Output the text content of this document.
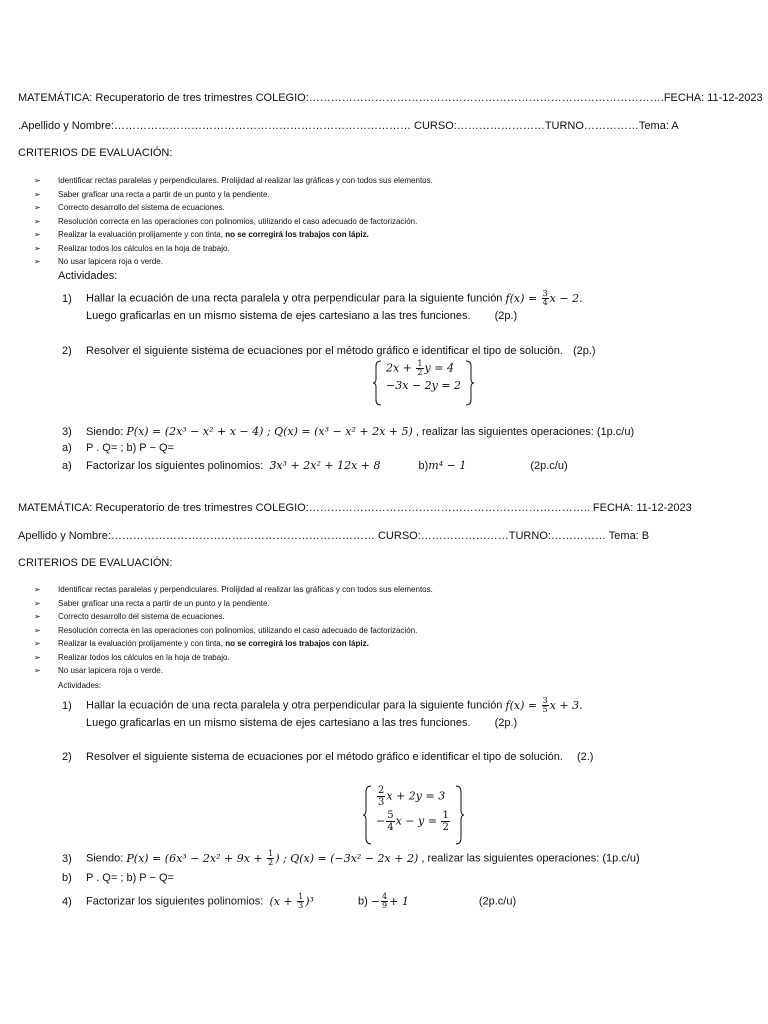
MATEMÁTICA: Recuperatorio de tres trimestres COLEGIO:…………………………………………………………………………………….FECHA: 11-12-2023
.Apellido y Nombre:……………………………………………………………………… CURSO:……………………TURNO……………Tema: A
CRITERIOS DE EVALUACIÓN:
➢ Identificar rectas paralelas y perpendiculares. Prolijidad al realizar las gráficas y con todos sus elementos.
➢ Saber graficar una recta a partir de un punto y la pendiente.
➢ Correcto desarrollo del sistema de ecuaciones.
➢ Resolución correcta en las operaciones con polinomios, utilizando el caso adecuado de factorización.
➢ Realizar la evaluación prolijamente y con tinta, no se corregirá los trabajos con lápiz.
➢ Realizar todos los cálculos en la hoja de trabajo.
➢ No usar lapicera roja o verde.
Actividades:
1) Hallar la ecuación de una recta paralela y otra perpendicular para la siguiente función $f(x) = \frac{3}{4}$ x − 2.
Luego graficarlas en un mismo sistema de ejes cartesiano a las tres funciones. (2p.)
2) Resolver el siguiente sistema de ecuaciones por el método gráfico e identificar el tipo de solución. (2p.)
$2x + \frac{1}{2}$ y = 4
−3x − 2y = 2
3) Siendo: P(x) = (2x³ − x² + x − 4) ; Q(x) = (x³ − x² + 2x + 5) , realizar las siguientes operaciones: (1p.c/u)
a) P . Q= ; b) P − Q=
a) Factorizar los siguientes polinomios: 3x³ + 2x² + 12x + 8	b)m⁴ − 1	(2p.c/u)
MATEMÁTICA: Recuperatorio de tres trimestres COLEGIO:………………………………………………………………….. FECHA: 11-12-2023
Apellido y Nombre:……………………………………………………………… CURSO:……………………TURNO:…………… Tema: B
CRITERIOS DE EVALUACIÓN:
➢ Identificar rectas paralelas y perpendiculares. Prolijidad al realizar las gráficas y con todos sus elementos.
➢ Saber graficar una recta a partir de un punto y la pendiente.
➢ Correcto desarrollo del sistema de ecuaciones.
➢ Resolución correcta en las operaciones con polinomios, utilizando el caso adecuado de factorización.
➢ Realizar la evaluación prolijamente y con tinta, no se corregirá los trabajos con lápiz.
➢ Realizar todos los cálculos en la hoja de trabajo.
➢ No usar lapicera roja o verde.
Actividades:
1) Hallar la ecuación de una recta paralela y otra perpendicular para la siguiente función $f(x) = \frac{3}{5}$ x + 3.
Luego graficarlas en un mismo sistema de ejes cartesiano a las tres funciones. (2p.)
2) Resolver el siguiente sistema de ecuaciones por el método gráfico e identificar el tipo de solución. (2.)
$\frac{2}{3}$ x + 2y = 3
− $\frac{5}{4}$ $x - y = \frac{1}{2}$
3) Siendo: $P(x) = (6x^3 - 2x^2 + 9x + \frac{1}{2}$ ) ; Q(x) = (−3x² − 2x + 2) , realizar las siguientes operaciones: (1p.c/u)
b) P . Q= ; b) P − Q=
4) Factorizar los siguientes polinomios: $(x + \frac{1}{3} )^3$	$b) - \frac{4}{9} + 1$	(2p.c/u)
